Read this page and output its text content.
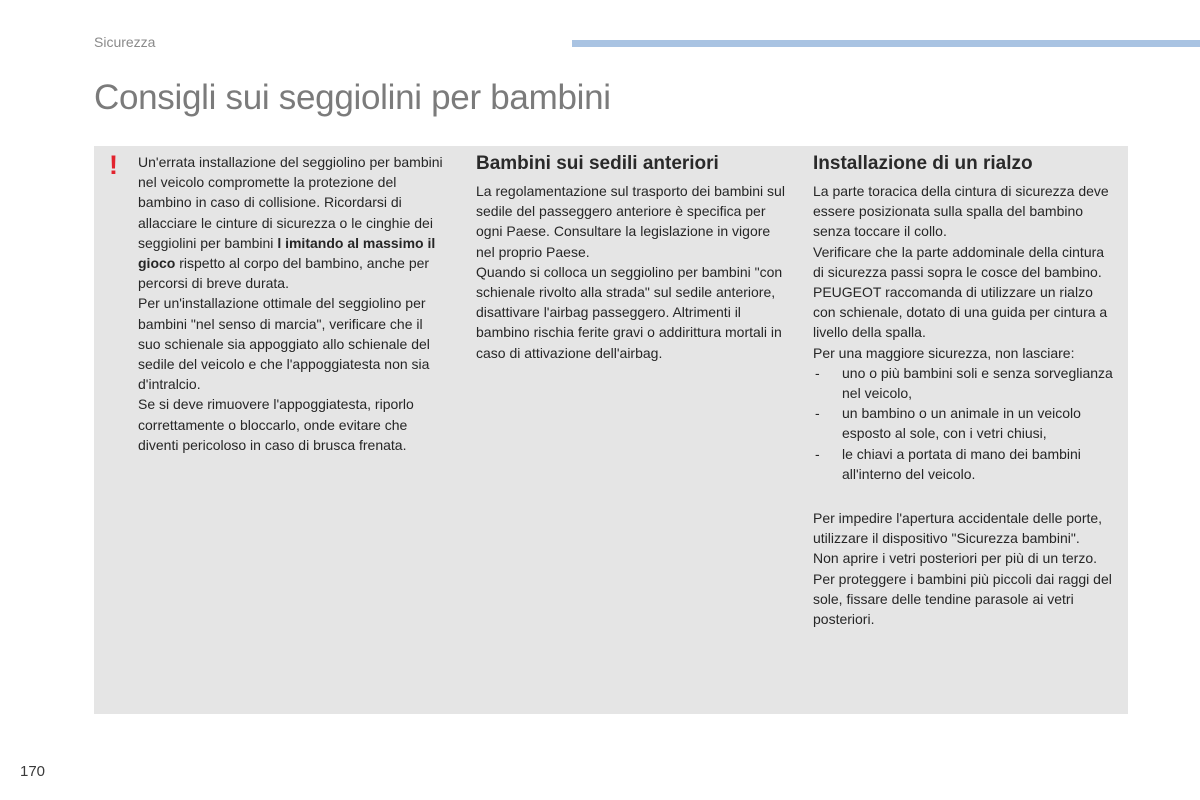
Sicurezza
Consigli sui seggiolini per bambini
! Un'errata installazione del seggiolino per bambini nel veicolo compromette la protezione del bambino in caso di collisione. Ricordarsi di allacciare le cinture di sicurezza o le cinghie dei seggiolini per bambini l imitando al massimo il gioco rispetto al corpo del bambino, anche per percorsi di breve durata.

Per un'installazione ottimale del seggiolino per bambini "nel senso di marcia", verificare che il suo schienale sia appoggiato allo schienale del sedile del veicolo e che l'appoggiatesta non sia d'intralcio.

Se si deve rimuovere l'appoggiatesta, riporlo correttamente o bloccarlo, onde evitare che diventi pericoloso in caso di brusca frenata.

Bambini sui sedili anteriori

La regolamentazione sul trasporto dei bambini sul sedile del passeggero anteriore è specifica per ogni Paese. Consultare la legislazione in vigore nel proprio Paese.

Quando si colloca un seggiolino per bambini "con schienale rivolto alla strada" sul sedile anteriore, disattivare l'airbag passeggero. Altrimenti il bambino rischia ferite gravi o addirittura mortali in caso di attivazione dell'airbag.

Installazione di un rialzo

La parte toracica della cintura di sicurezza deve essere posizionata sulla spalla del bambino senza toccare il collo.

Verificare che la parte addominale della cintura di sicurezza passi sopra le cosce del bambino.

PEUGEOT raccomanda di utilizzare un rialzo con schienale, dotato di una guida per cintura a livello della spalla.

Per una maggiore sicurezza, non lasciare:

- uno o più bambini soli e senza sorveglianza nel veicolo,
- un bambino o un animale in un veicolo esposto al sole, con i vetri chiusi,
- le chiavi a portata di mano dei bambini all'interno del veicolo.

Per impedire l'apertura accidentale delle porte, utilizzare il dispositivo "Sicurezza bambini".

Non aprire i vetri posteriori per più di un terzo.

Per proteggere i bambini più piccoli dai raggi del sole, fissare delle tendine parasole ai vetri posteriori.

170
